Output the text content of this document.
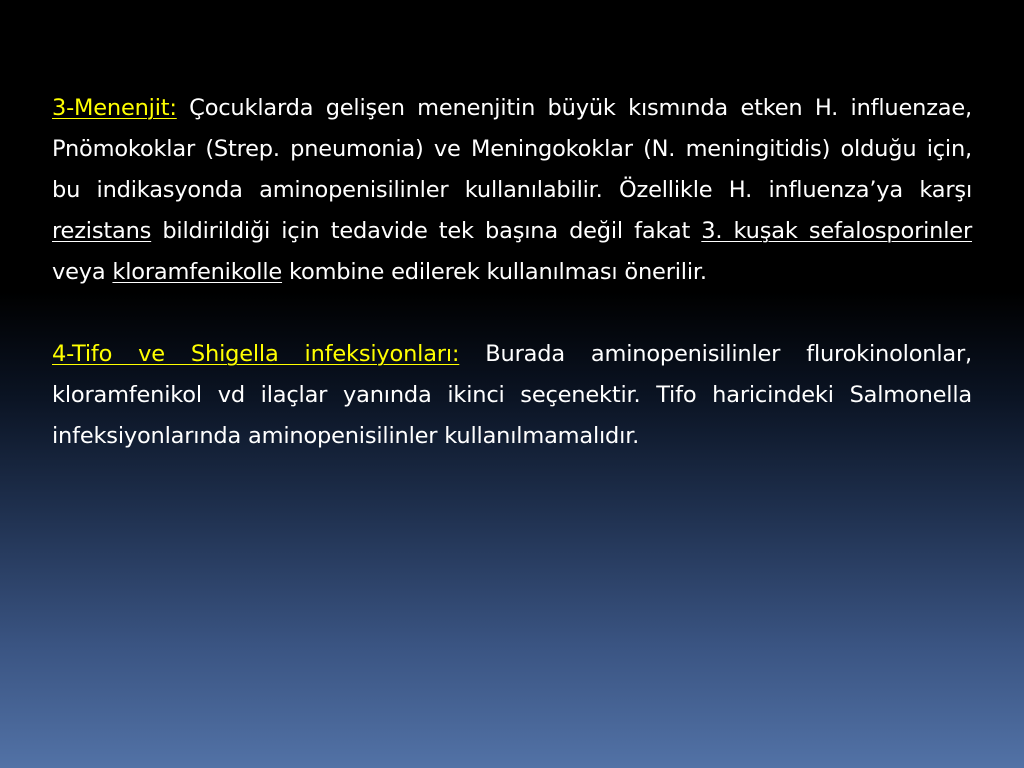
3-Menenjit: Çocuklarda gelişen menenjitin büyük kısmında etken H. influenzae, Pnömokoklar (Strep. pneumonia) ve Meningokoklar (N. meningitidis) olduğu için, bu indikasyonda aminopenisilinler kullanılabilir. Özellikle H. influenza’ya karşı rezistans bildirildiği için tedavide tek başına değil fakat 3. kuşak sefalosporinler veya kloramfenikolle kombine edilerek kullanılması önerilir.

4-Tifo ve Shigella infeksiyonları: Burada aminopenisilinler flurokinolonlar, kloramfenikol vd ilaçlar yanında ikinci seçenektir. Tifo haricindeki Salmonella infeksiyonlarında aminopenisilinler kullanılmamalıdır.
